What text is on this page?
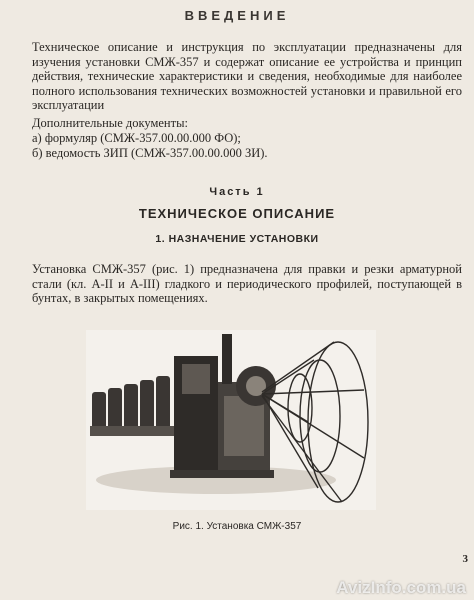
ВВЕДЕНИЕ

Техническое описание и инструкция по эксплуатации предназначены для изучения установки СМЖ-357 и содержат описание ее устройства и принцип действия, технические характеристики и сведения, необходимые для наиболее полного использования технических возможностей установки и правильной его эксплуатации

Дополнительные документы:
а) формуляр (СМЖ-357.00.00.000 ФО);
б) ведомость ЗИП (СМЖ-357.00.00.000 ЗИ).
Часть 1
ТЕХНИЧЕСКОЕ ОПИСАНИЕ
1. НАЗНАЧЕНИЕ УСТАНОВКИ

Установка СМЖ-357 (рис. 1) предназначена для правки и резки арматурной стали (кл. А-II и А-III) гладкого и периодического профилей, поступающей в бунтах, в закрытых помещениях.

Рис. 1. Установка СМЖ-357
3
AvizInfo.com.ua
